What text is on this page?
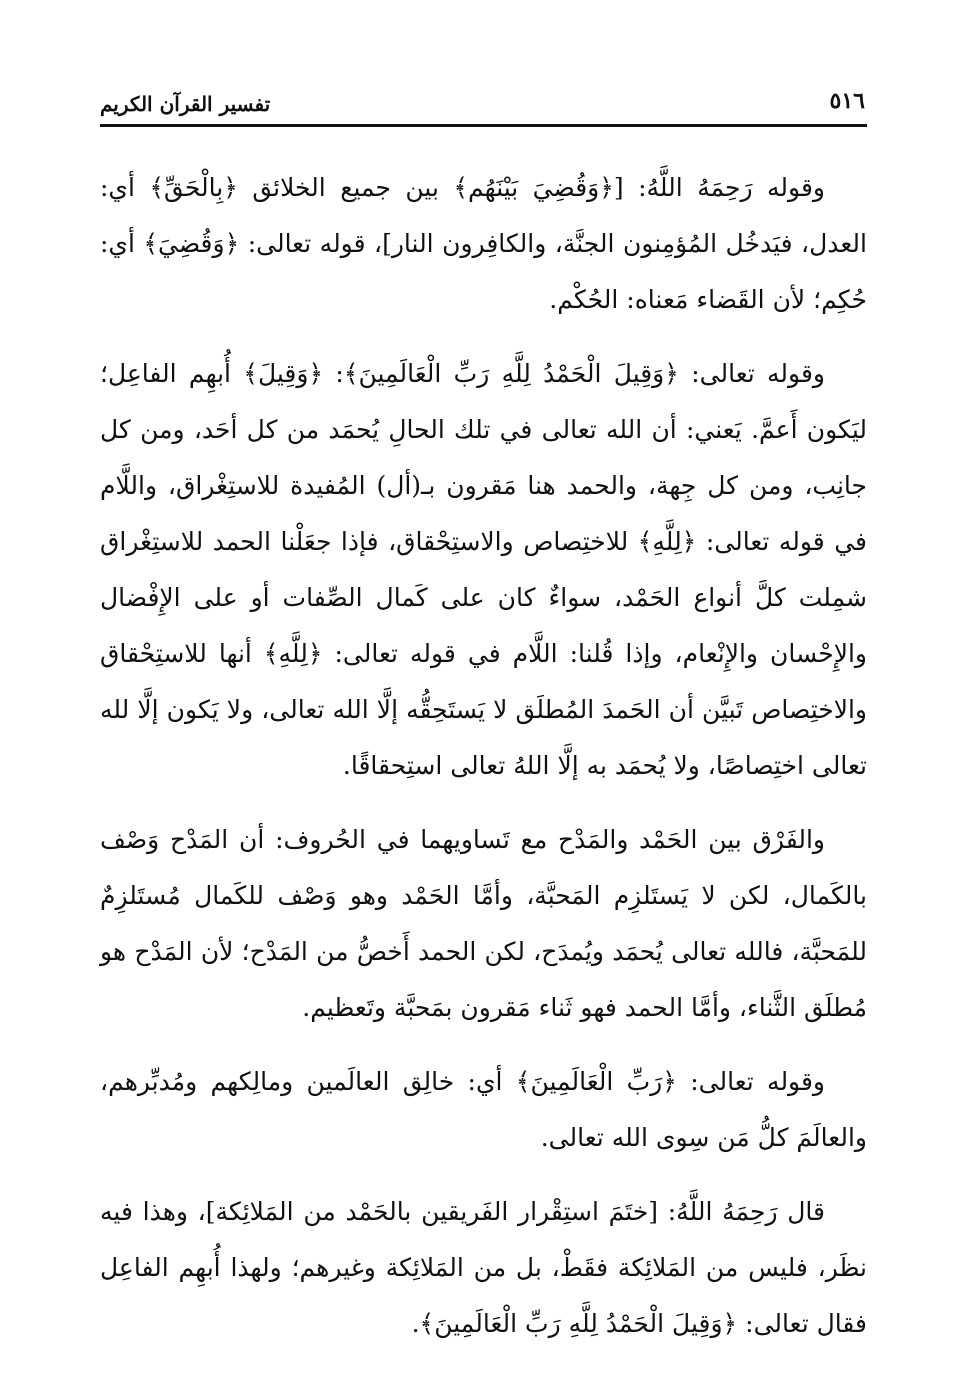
٥١٦
تفسير القرآن الكريم

وقوله رَحِمَهُ اللَّهُ: [﴿وَقُضِيَ بَيْنَهُم﴾ بين جميع الخلائق ﴿بِالْحَقِّ﴾ أي: العدل، فيَدخُل المُؤمِنون الجنَّة، والكافِرون النار]، قوله تعالى: ﴿وَقُضِيَ﴾ أي: حُكِم؛ لأن القَضاء مَعناه: الحُكْم.

وقوله تعالى: ﴿وَقِيلَ الْحَمْدُ لِلَّهِ رَبِّ الْعَالَمِينَ﴾: ﴿وَقِيلَ﴾ أُبهِم الفاعِل؛ ليَكون أَعمَّ. يَعني: أن الله تعالى في تلك الحالِ يُحمَد من كل أحَد، ومن كل جانِب، ومن كل جِهة، والحمد هنا مَقرون بـ(أل) المُفيدة للاستِغْراق، واللَّام في قوله تعالى: ﴿لِلَّهِ﴾ للاختِصاص والاستِحْقاق، فإذا جعَلْنا الحمد للاستِغْراق شمِلت كلَّ أنواع الحَمْد، سواءٌ كان على كَمال الصِّفات أو على الإِفْضال والإِحْسان والإِنْعام، وإذا قُلنا: اللَّام في قوله تعالى: ﴿لِلَّهِ﴾ أنها للاستِحْقاق والاختِصاص تَبيَّن أن الحَمدَ المُطلَق لا يَستَحِقُّه إلَّا الله تعالى، ولا يَكون إلَّا لله تعالى اختِصاصًا، ولا يُحمَد به إلَّا اللهُ تعالى استِحقاقًا.

والفَرْق بين الحَمْد والمَدْح مع تَساويهما في الحُروف: أن المَدْح وَصْف بالكَمال، لكن لا يَستَلزِم المَحبَّة، وأمَّا الحَمْد وهو وَصْف للكَمال مُستَلزِمٌ للمَحبَّة، فالله تعالى يُحمَد ويُمدَح، لكن الحمد أَخصُّ من المَدْح؛ لأن المَدْح هو مُطلَق الثَّناء، وأمَّا الحمد فهو ثَناء مَقرون بمَحبَّة وتَعظيم.

وقوله تعالى: ﴿رَبِّ الْعَالَمِينَ﴾ أي: خالِق العالَمين ومالِكهم ومُدبِّرهم، والعالَمَ كلُّ مَن سِوى الله تعالى.

قال رَحِمَهُ اللَّهُ: [ختَمَ استِقْرار الفَريقين بالحَمْد من المَلائِكة]، وهذا فيه نظَر، فليس من المَلائِكة فقَطْ، بل من المَلائِكة وغيرهم؛ ولهذا أُبهِم الفاعِل فقال تعالى: ﴿وَقِيلَ الْحَمْدُ لِلَّهِ رَبِّ الْعَالَمِينَ﴾.
